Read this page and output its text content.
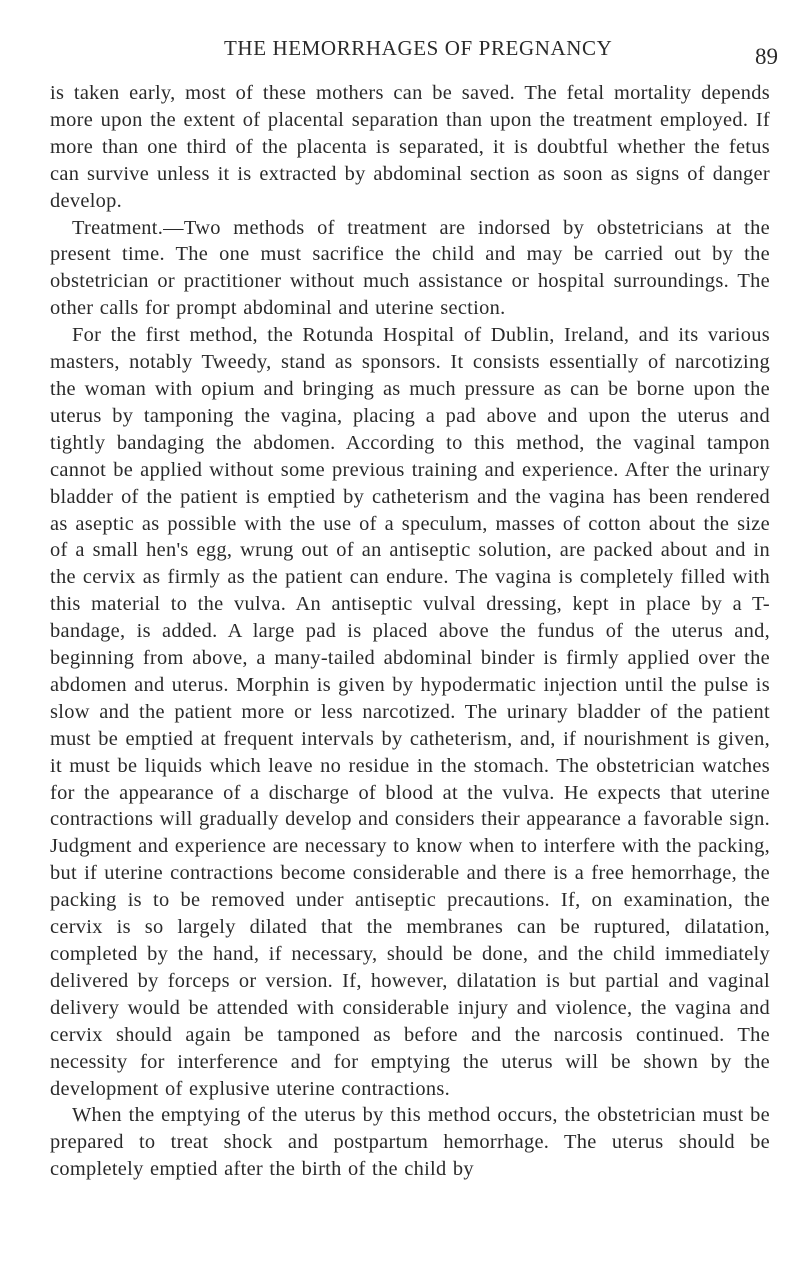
THE HEMORRHAGES OF PREGNANCY	89

is taken early, most of these mothers can be saved. The fetal mortality depends more upon the extent of placental separation than upon the treatment employed. If more than one third of the placenta is separated, it is doubtful whether the fetus can survive unless it is extracted by abdominal section as soon as signs of danger develop.

Treatment.—Two methods of treatment are indorsed by obstetricians at the present time. The one must sacrifice the child and may be carried out by the obstetrician or practitioner without much assistance or hospital surroundings. The other calls for prompt abdominal and uterine section.

For the first method, the Rotunda Hospital of Dublin, Ireland, and its various masters, notably Tweedy, stand as sponsors. It consists essentially of narcotizing the woman with opium and bringing as much pressure as can be borne upon the uterus by tamponing the vagina, placing a pad above and upon the uterus and tightly bandaging the abdomen. According to this method, the vaginal tampon cannot be applied without some previous training and experience. After the urinary bladder of the patient is emptied by catheterism and the vagina has been rendered as aseptic as possible with the use of a speculum, masses of cotton about the size of a small hen's egg, wrung out of an antiseptic solution, are packed about and in the cervix as firmly as the patient can endure. The vagina is completely filled with this material to the vulva. An antiseptic vulval dressing, kept in place by a T-bandage, is added. A large pad is placed above the fundus of the uterus and, beginning from above, a many-tailed abdominal binder is firmly applied over the abdomen and uterus. Morphin is given by hypodermatic injection until the pulse is slow and the patient more or less narcotized. The urinary bladder of the patient must be emptied at frequent intervals by catheterism, and, if nourishment is given, it must be liquids which leave no residue in the stomach. The obstetrician watches for the appearance of a discharge of blood at the vulva. He expects that uterine contractions will gradually develop and considers their appearance a favorable sign. Judgment and experience are necessary to know when to interfere with the packing, but if uterine contractions become considerable and there is a free hemorrhage, the packing is to be removed under antiseptic precautions. If, on examination, the cervix is so largely dilated that the membranes can be ruptured, dilatation, completed by the hand, if necessary, should be done, and the child immediately delivered by forceps or version. If, however, dilatation is but partial and vaginal delivery would be attended with considerable injury and violence, the vagina and cervix should again be tamponed as before and the narcosis continued. The necessity for interference and for emptying the uterus will be shown by the development of explusive uterine contractions.

When the emptying of the uterus by this method occurs, the obstetrician must be prepared to treat shock and postpartum hemorrhage. The uterus should be completely emptied after the birth of the child by
